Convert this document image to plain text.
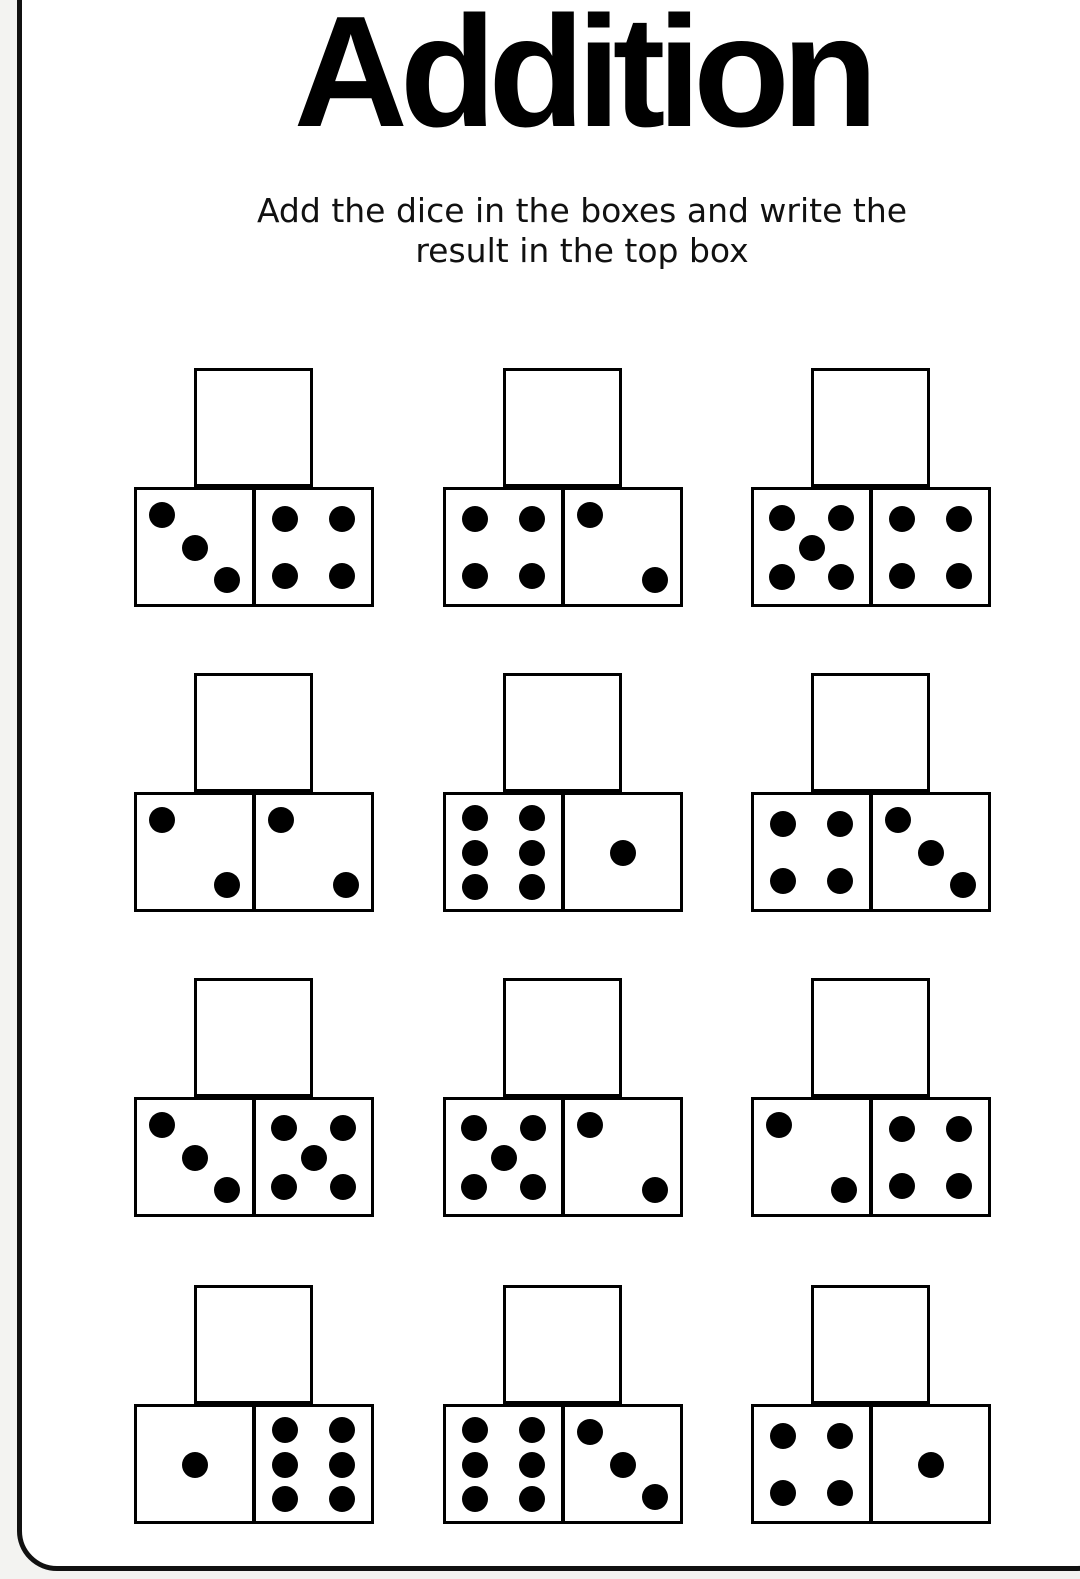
Addition
Add the dice in the boxes and write the
result in the top box
